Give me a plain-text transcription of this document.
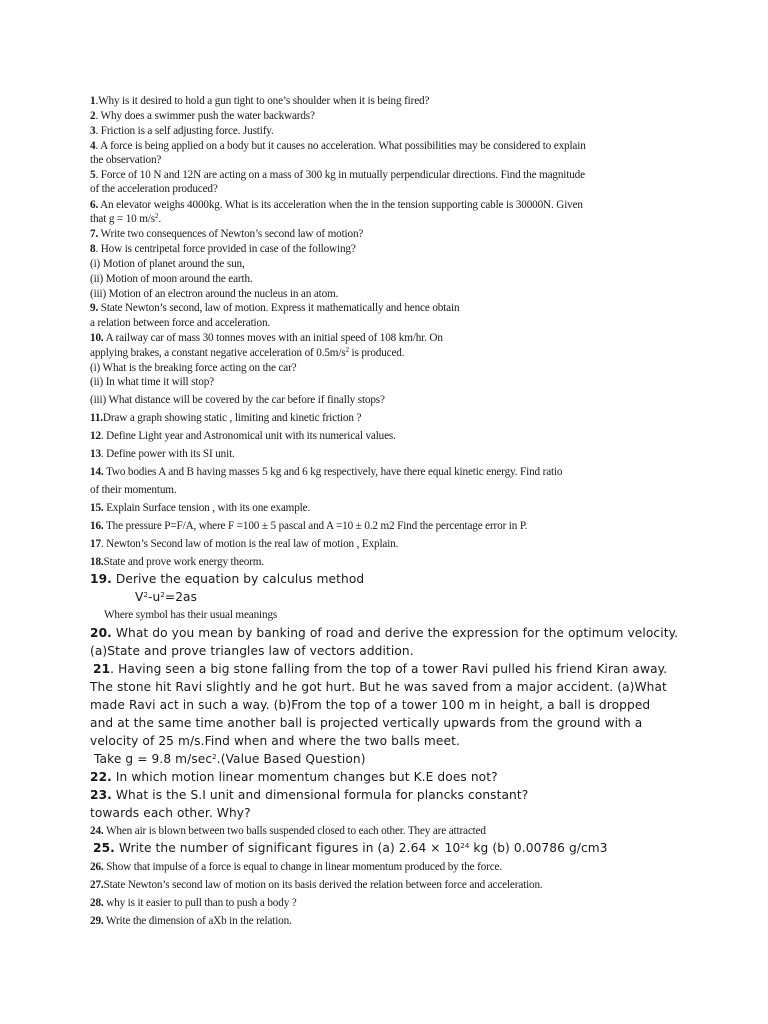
1.Why is it desired to hold a gun tight to one’s shoulder when it is being fired?

2. Why does a swimmer push the water backwards?

3. Friction is a self adjusting force. Justify.

4. A force is being applied on a body but it causes no acceleration. What possibilities may be considered to explain

the observation?

5. Force of 10 N and 12N are acting on a mass of 300 kg in mutually perpendicular directions. Find the magnitude

of the acceleration produced?

6. An elevator weighs 4000kg. What is its acceleration when the in the tension supporting cable is 30000N. Given

that g = 10 $m/s^2$.

7. Write two consequences of Newton’s second law of motion?

8. How is centripetal force provided in case of the following?

(i) Motion of planet around the sun,

(ii) Motion of moon around the earth.

(iii) Motion of an electron around the nucleus in an atom.

9. State Newton’s second, law of motion. Express it mathematically and hence obtain

a relation between force and acceleration.

10. A railway car of mass 30 tonnes moves with an initial speed of 108 km/hr. On

applying brakes, a constant negative acceleration of $0.5m/s^2$ is produced.

(i) What is the breaking force acting on the car?

(ii) In what time it will stop?

(iii) What distance will be covered by the car before if finally stops?

11.Draw a graph showing static , limiting and kinetic friction ?

12. Define Light year and Astronomical unit with its numerical values.

13. Define power with its SI unit.

14. Two bodies A and B having masses 5 kg and 6 kg respectively, have there equal kinetic energy. Find ratio

of their momentum.

15. Explain Surface tension , with its one example.

16. The pressure P=F/A, where F =100 ± 5 pascal and A =10 ± 0.2 m2 Find the percentage error in P.

17. Newton’s Second law of motion is the real law of motion , Explain.

18.State and prove work energy theorm.

19. Derive the equation by calculus method

$V^2-u^2=2as$

Where symbol has their usual meanings

20. What do you mean by banking of road and derive the expression for the optimum velocity.

(a)State and prove triangles law of vectors addition.

21. Having seen a big stone falling from the top of a tower Ravi pulled his friend Kiran away.

The stone hit Ravi slightly and he got hurt. But he was saved from a major accident. (a)What

made Ravi act in such a way. (b)From the top of a tower 100 m in height, a ball is dropped

and at the same time another ball is projected vertically upwards from the ground with a

velocity of 25 m/s.Find when and where the two balls meet.

Take g = 9.8 $m/\sec^2.(Value$ Based Question)

22. In which motion linear momentum changes but K.E does not?

23. What is the S.I unit and dimensional formula for plancks constant?

towards each other. Why?

24. When air is blown between two balls suspended closed to each other. They are attracted

25. Write the number of significant figures in (a) $2.64 \times 10^{24}$ kg (b) 0.00786 g/cm3

26. Show that impulse of a force is equal to change in linear momentum produced by the force.

27.State Newton’s second law of motion on its basis derived the relation between force and acceleration.

28. why is it easier to pull than to push a body ?

29. Write the dimension of aXb in the relation.
